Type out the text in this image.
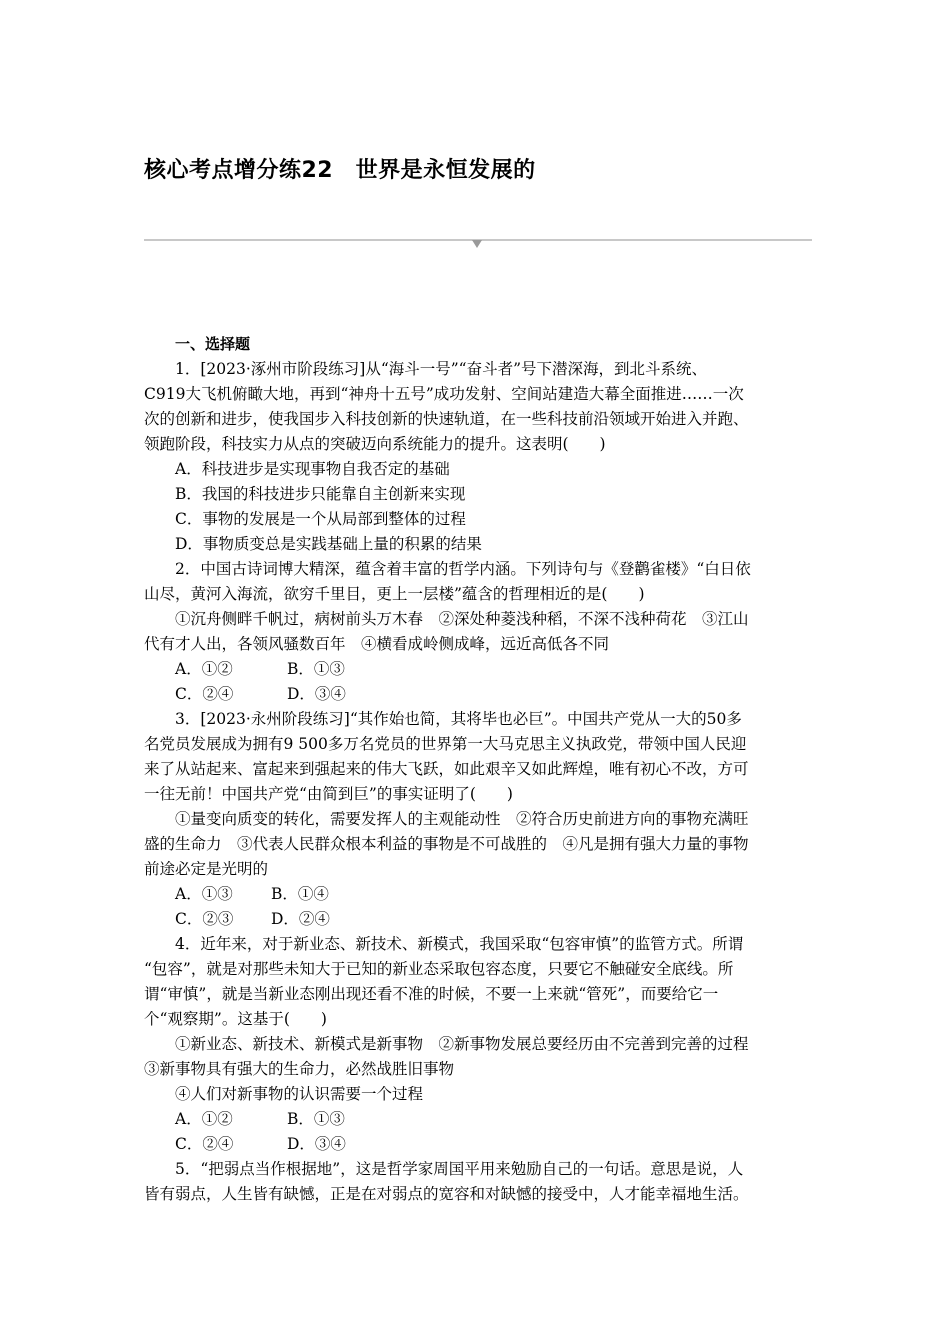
核心考点增分练22　世界是永恒发展的

一、选择题

1．[2023·涿州市阶段练习]从“海斗一号”“奋斗者”号下潜深海，到北斗系统、

C919大飞机俯瞰大地，再到“神舟十五号”成功发射、空间站建造大幕全面推进……一次

次的创新和进步，使我国步入科技创新的快速轨道，在一些科技前沿领域开始进入并跑、

领跑阶段，科技实力从点的突破迈向系统能力的提升。这表明(　　)

A．科技进步是实现事物自我否定的基础

B．我国的科技进步只能靠自主创新来实现

C．事物的发展是一个从局部到整体的过程

D．事物质变总是实践基础上量的积累的结果

2．中国古诗词博大精深，蕴含着丰富的哲学内涵。下列诗句与《登鹳雀楼》“白日依

山尽，黄河入海流，欲穷千里目，更上一层楼”蕴含的哲理相近的是(　　)

①沉舟侧畔千帆过，病树前头万木春　②深处种菱浅种稻，不深不浅种荷花　③江山

代有才人出，各领风骚数百年　④横看成岭侧成峰，远近高低各不同

A．①②	B．①③

C．②④	D．③④

3．[2023·永州阶段练习]“其作始也简，其将毕也必巨”。中国共产党从一大的50多

名党员发展成为拥有9 500多万名党员的世界第一大马克思主义执政党，带领中国人民迎

来了从站起来、富起来到强起来的伟大飞跃，如此艰辛又如此辉煌，唯有初心不改，方可

一往无前！中国共产党“由简到巨”的事实证明了(　　)

①量变向质变的转化，需要发挥人的主观能动性　②符合历史前进方向的事物充满旺

盛的生命力　③代表人民群众根本利益的事物是不可战胜的　④凡是拥有强大力量的事物

前途必定是光明的

A．①③ B．①④

C．②③ D．②④

4．近年来，对于新业态、新技术、新模式，我国采取“包容审慎”的监管方式。所谓

“包容”，就是对那些未知大于已知的新业态采取包容态度，只要它不触碰安全底线。所

谓“审慎”，就是当新业态刚出现还看不准的时候，不要一上来就“管死”，而要给它一

个“观察期”。这基于(　　)

①新业态、新技术、新模式是新事物　②新事物发展总要经历由不完善到完善的过程

③新事物具有强大的生命力，必然战胜旧事物

④人们对新事物的认识需要一个过程

A．①②	B．①③

C．②④	D．③④

5．“把弱点当作根据地”，这是哲学家周国平用来勉励自己的一句话。意思是说，人

皆有弱点，人生皆有缺憾，正是在对弱点的宽容和对缺憾的接受中，人才能幸福地生活。
